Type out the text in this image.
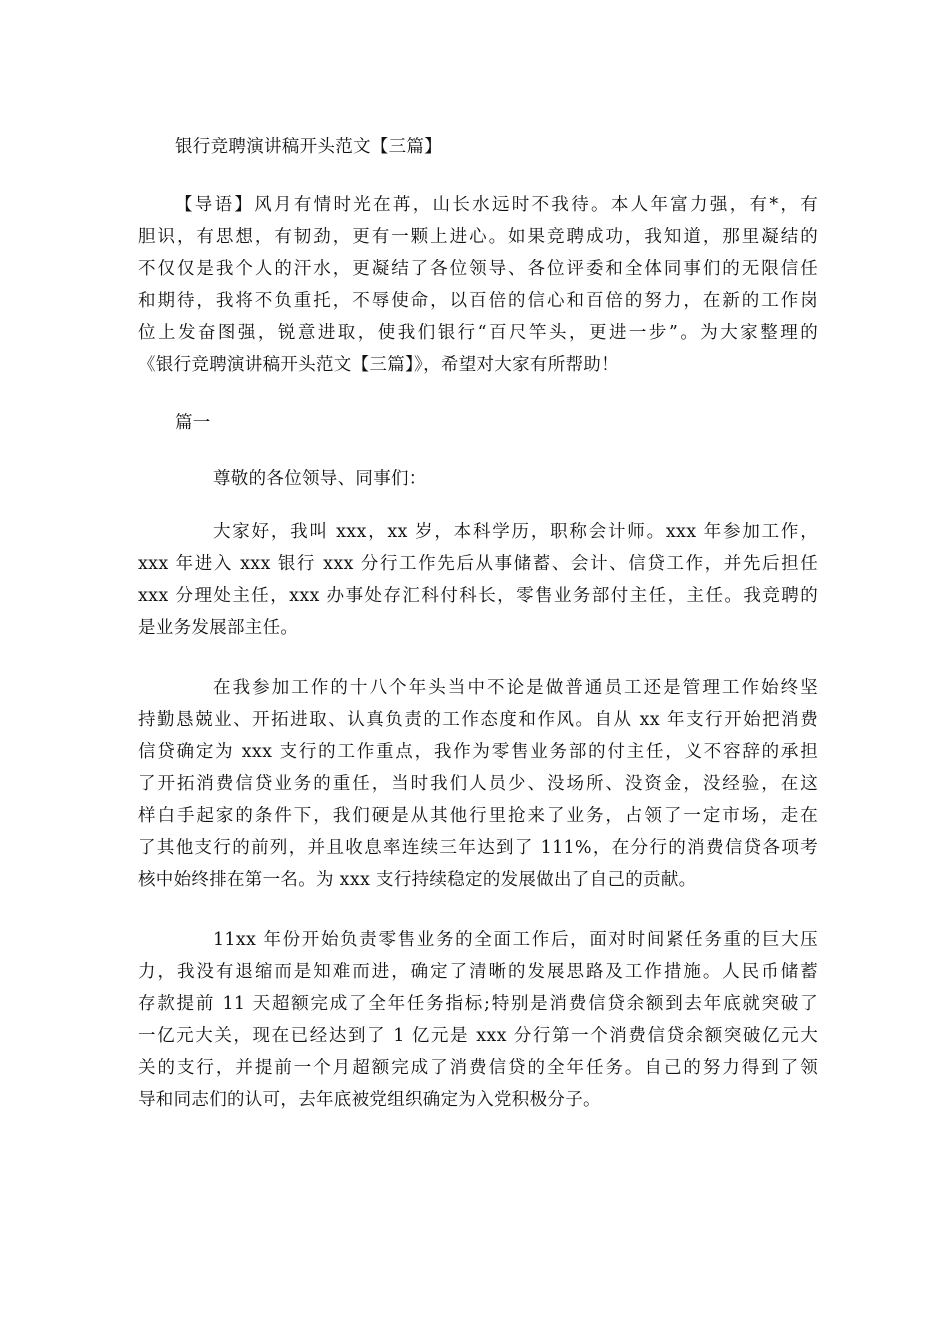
银行竞聘演讲稿开头范文【三篇】
【导语】风月有情时光在苒，山长水远时不我待。本人年富力强，有*，有
胆识，有思想，有韧劲，更有一颗上进心。如果竞聘成功，我知道，那里凝结的
不仅仅是我个人的汗水，更凝结了各位领导、各位评委和全体同事们的无限信任
和期待，我将不负重托，不辱使命，以百倍的信心和百倍的努力，在新的工作岗
位上发奋图强，锐意进取，使我们银行“百尺竿头，更进一步”。为大家整理的
《银行竞聘演讲稿开头范文【三篇】》，希望对大家有所帮助！
篇一
尊敬的各位领导、同事们：
大家好，我叫 xxx，xx 岁，本科学历，职称会计师。xxx 年参加工作，
xxx 年进入 xxx 银行 xxx 分行工作先后从事储蓄、会计、信贷工作，并先后担任
xxx 分理处主任，xxx 办事处存汇科付科长，零售业务部付主任，主任。我竞聘的
是业务发展部主任。
在我参加工作的十八个年头当中不论是做普通员工还是管理工作始终坚
持勤恳兢业、开拓进取、认真负责的工作态度和作风。自从 xx 年支行开始把消费
信贷确定为 xxx 支行的工作重点，我作为零售业务部的付主任，义不容辞的承担
了开拓消费信贷业务的重任，当时我们人员少、没场所、没资金，没经验，在这
样白手起家的条件下，我们硬是从其他行里抢来了业务，占领了一定市场，走在
了其他支行的前列，并且收息率连续三年达到了 111%，在分行的消费信贷各项考
核中始终排在第一名。为 xxx 支行持续稳定的发展做出了自己的贡献。
11xx 年份开始负责零售业务的全面工作后，面对时间紧任务重的巨大压
力，我没有退缩而是知难而进，确定了清晰的发展思路及工作措施。人民币储蓄
存款提前 11 天超额完成了全年任务指标;特别是消费信贷余额到去年底就突破了
一亿元大关，现在已经达到了 1 亿元是 xxx 分行第一个消费信贷余额突破亿元大
关的支行，并提前一个月超额完成了消费信贷的全年任务。自己的努力得到了领
导和同志们的认可，去年底被党组织确定为入党积极分子。
